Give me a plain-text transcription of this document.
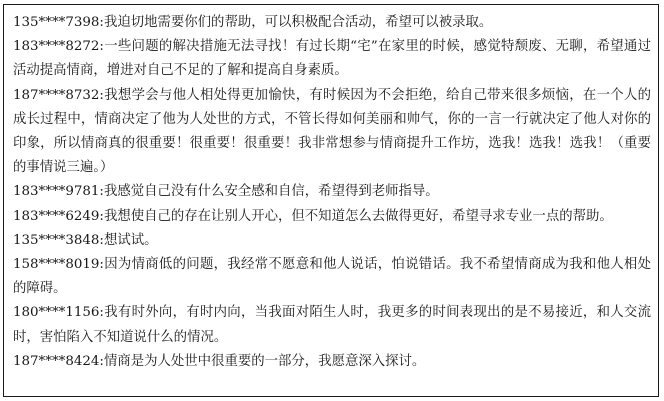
135****7398:我迫切地需要你们的帮助，可以积极配合活动，希望可以被录取。

183****8272:一些问题的解决措施无法寻找！有过长期“宅”在家里的时候，感觉特颓废、无聊，希望通过活动提高情商，增进对自己不足的了解和提高自身素质。

187****8732:我想学会与他人相处得更加愉快，有时候因为不会拒绝，给自己带来很多烦恼，在一个人的成长过程中，情商决定了他为人处世的方式，不管长得如何美丽和帅气，你的一言一行就决定了他人对你的印象，所以情商真的很重要！很重要！很重要！我非常想参与情商提升工作坊，选我！选我！选我！（重要的事情说三遍。）

183****9781:我感觉自己没有什么安全感和自信，希望得到老师指导。

183****6249:我想使自己的存在让别人开心，但不知道怎么去做得更好，希望寻求专业一点的帮助。

135****3848:想试试。

158****8019:因为情商低的问题，我经常不愿意和他人说话，怕说错话。我不希望情商成为我和他人相处的障碍。

180****1156:我有时外向，有时内向，当我面对陌生人时，我更多的时间表现出的是不易接近，和人交流时，害怕陷入不知道说什么的情况。

187****8424:情商是为人处世中很重要的一部分，我愿意深入探讨。
